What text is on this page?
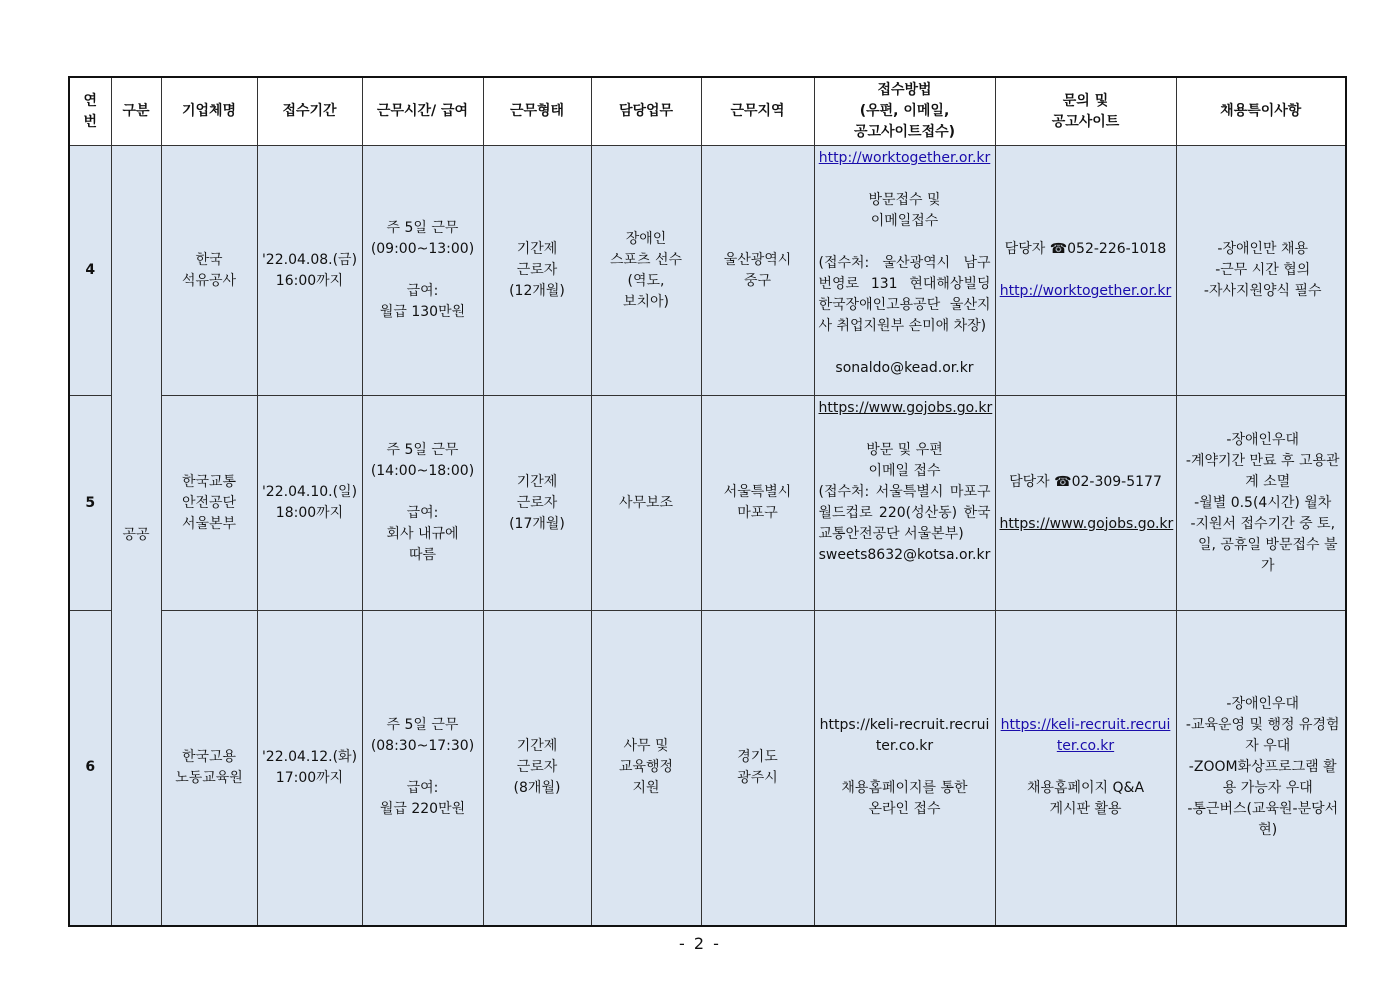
연
번	구분	기업체명	접수기간	근무시간/ 급여	근무형태	담당업무	근무지역	접수방법
(우편, 이메일,
공고사이트접수)	문의 및
공고사이트	채용특이사항
4	공공	한국
석유공사	'22.04.08.(금)
16:00까지	주 5일 근무
(09:00~13:00)
급여:
월급 130만원	기간제
근로자
(12개월)	장애인
스포츠 선수
(역도,
보치아)	울산광역시
중구	http://worktogether.or.kr
방문접수 및
이메일접수
(접수처: 울산광역시 남구 번영로 131 현대해상빌딩 한국장애인고용공단 울산지사 취업지원부 손미애 차장)
sonaldo@kead.or.kr	담당자 ☎052-226-1018
http://worktogether.or.kr	-장애인만 채용
-근무 시간 협의
-자사지원양식 필수

5		한국교통
안전공단
서울본부	'22.04.10.(일)
18:00까지	주 5일 근무
(14:00~18:00)
급여:
회사 내규에
따름	기간제
근로자
(17개월)	사무보조	서울특별시
마포구	https://www.gojobs.go.kr
방문 및 우편
이메일 접수
(접수처: 서울특별시 마포구 월드컵로 220(성산동) 한국교통안전공단 서울본부)
sweets8632@kotsa.or.kr	담당자 ☎02-309-5177
https://www.gojobs.go.kr	-장애인우대
-계약기간 만료 후 고용관계 소멸
-월별 0.5(4시간) 월차
-지원서 접수기간 중 토, 일, 공휴일 방문접수 불가

6		한국고용
노동교육원	'22.04.12.(화)
17:00까지	주 5일 근무
(08:30~17:30)
급여:
월급 220만원	기간제
근로자
(8개월)	사무 및
교육행정
지원	경기도
광주시	https://keli-recruit.recruiter.co.kr
채용홈페이지를 통한
온라인 접수	https://keli-recruit.recruiter.co.kr
채용홈페이지 Q&A
게시판 활용	-장애인우대
-교육운영 및 행정 유경험자 우대
-ZOOM화상프로그램 활용 가능자 우대
-통근버스(교육원-분당서현)
- 2 -
